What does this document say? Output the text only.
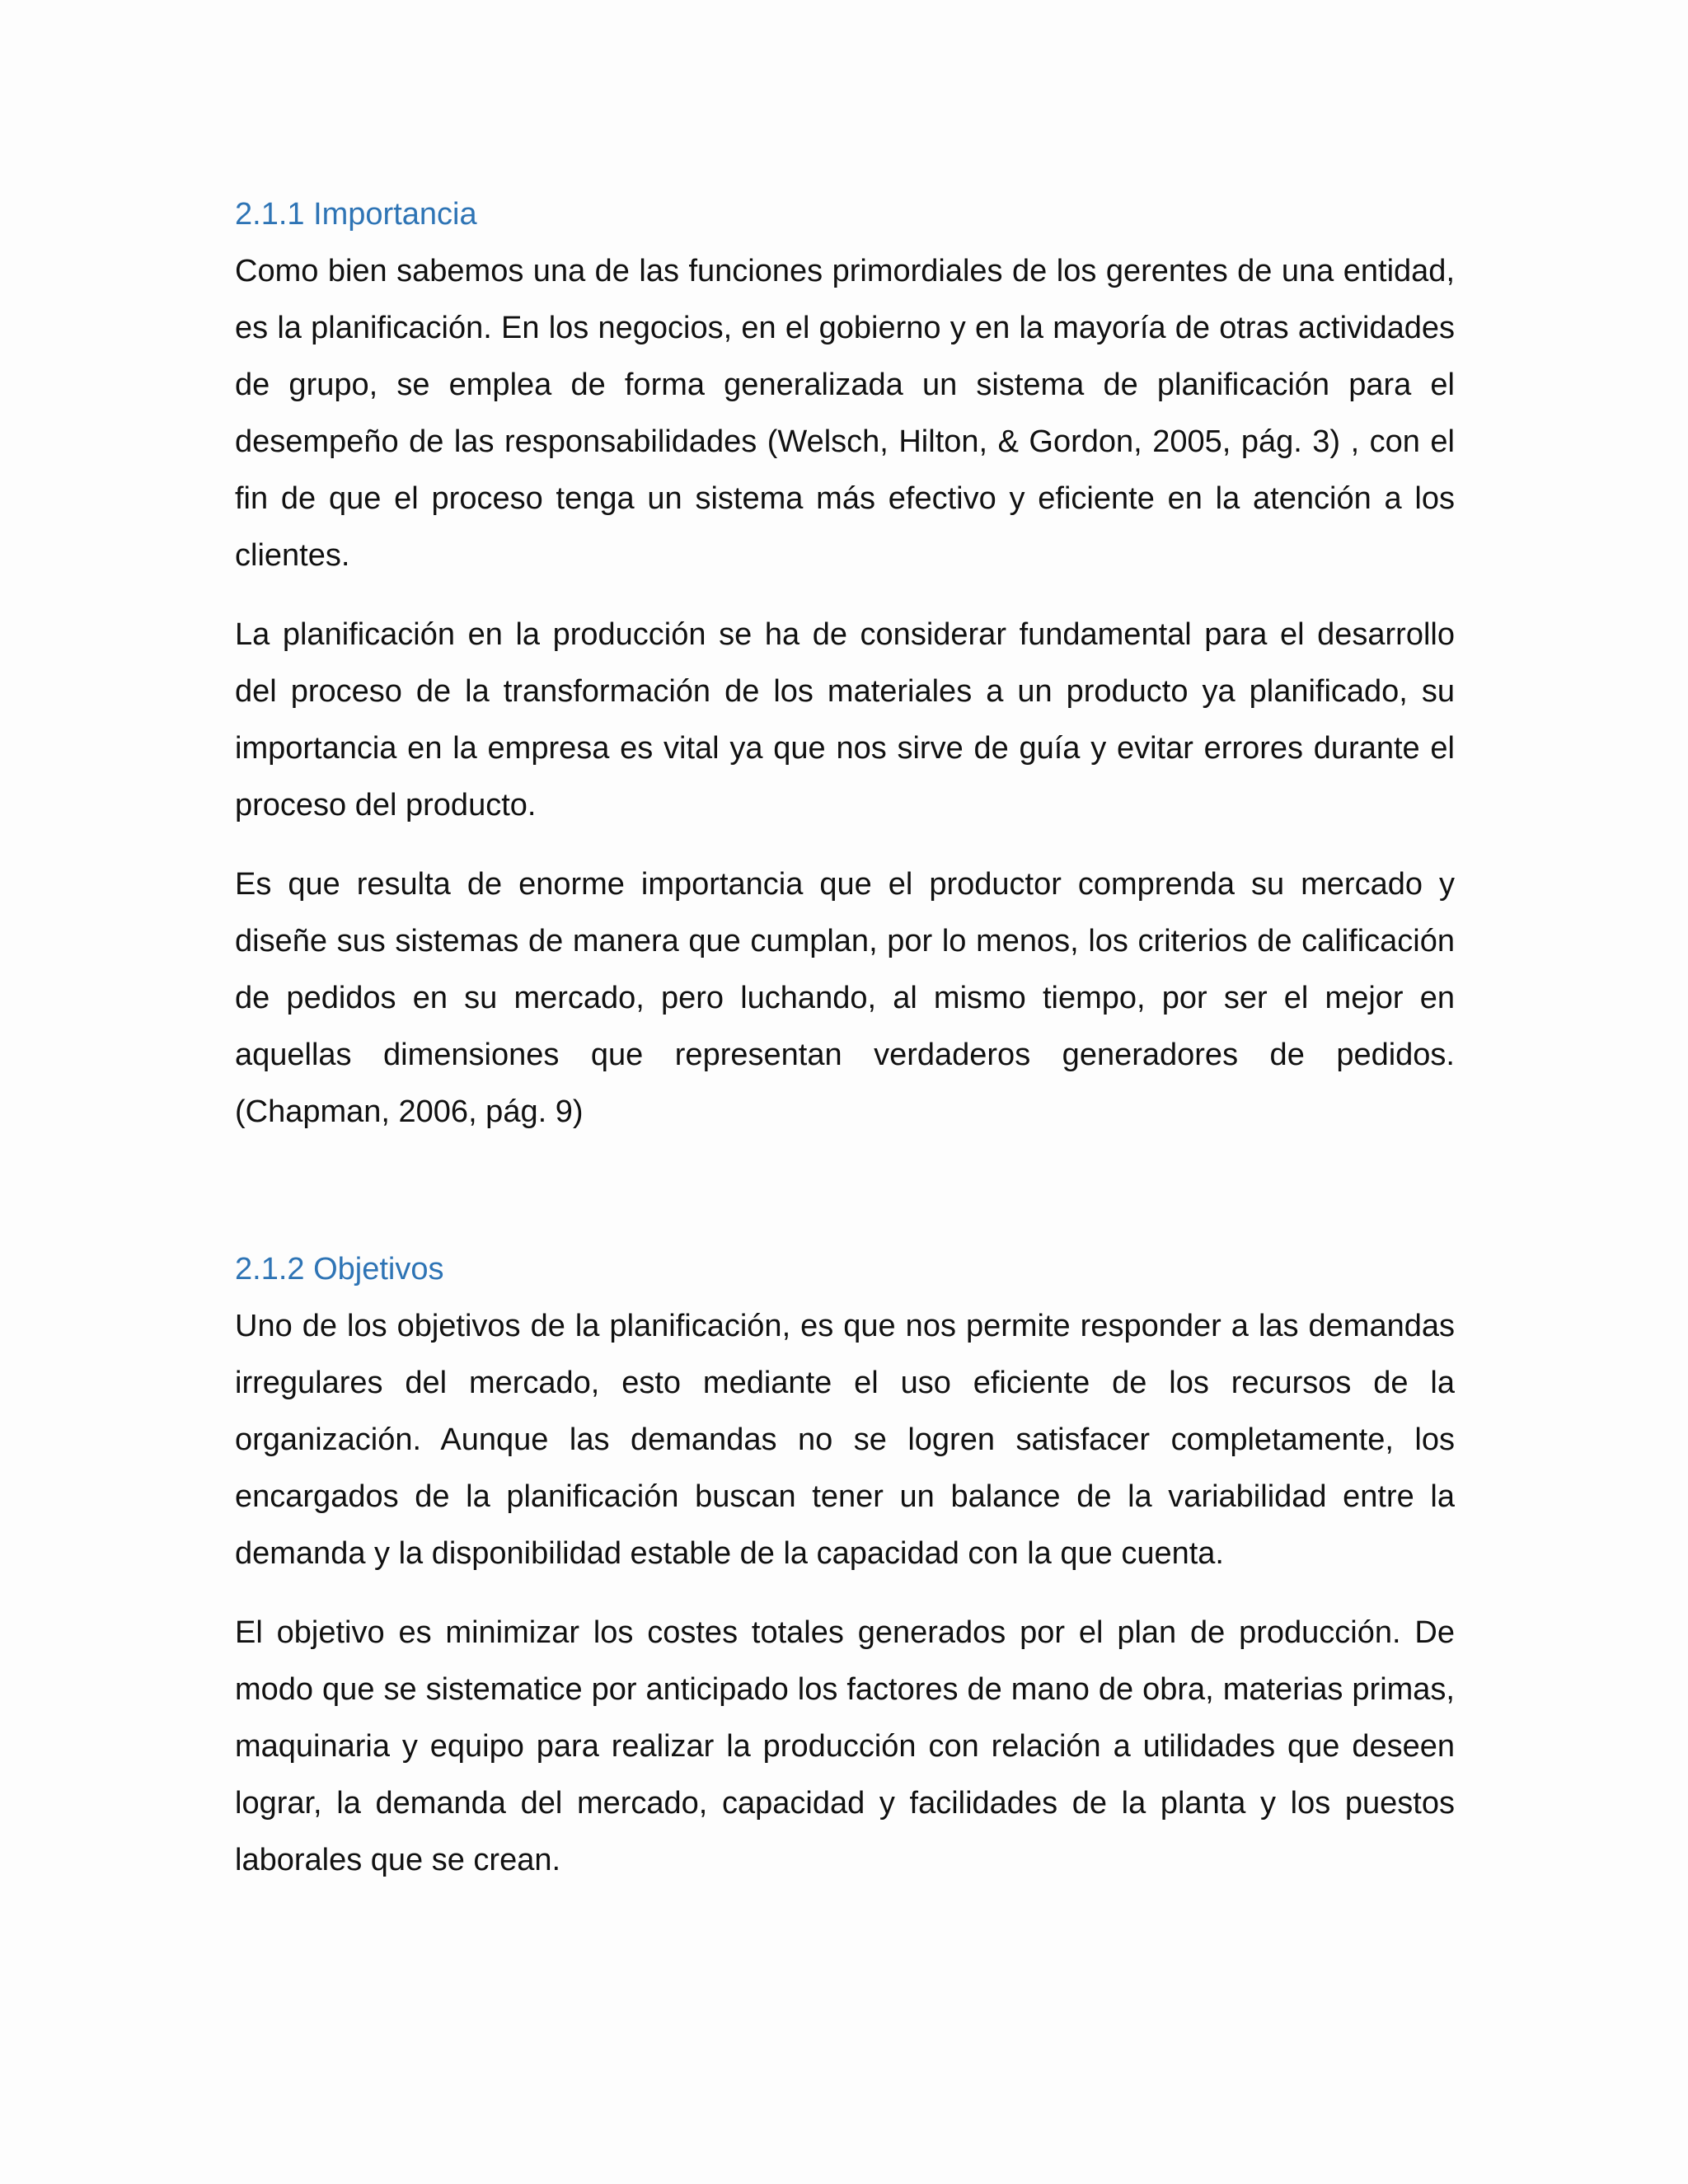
2.1.1 Importancia

Como bien sabemos una de las funciones primordiales de los gerentes de una entidad, es la planificación. En los negocios, en el gobierno y en la mayoría de otras actividades de grupo, se emplea de forma generalizada un sistema de planificación para el desempeño de las responsabilidades (Welsch, Hilton, & Gordon, 2005, pág. 3) , con el fin de que el proceso tenga un sistema más efectivo y eficiente en la atención a los clientes.

La planificación en la producción se ha de considerar fundamental para el desarrollo del proceso de la transformación de los materiales a un producto ya planificado, su importancia en la empresa es vital ya que nos sirve de guía y evitar errores durante el proceso del producto.

Es que resulta de enorme importancia que el productor comprenda su mercado y diseñe sus sistemas de manera que cumplan, por lo menos, los criterios de calificación de pedidos en su mercado, pero luchando, al mismo tiempo, por ser el mejor en aquellas dimensiones que representan verdaderos generadores de pedidos. (Chapman, 2006, pág. 9)

2.1.2 Objetivos

Uno de los objetivos de la planificación, es que nos permite responder a las demandas irregulares del mercado, esto mediante el uso eficiente de los recursos de la organización. Aunque las demandas no se logren satisfacer completamente, los encargados de la planificación buscan tener un balance de la variabilidad entre la demanda y la disponibilidad estable de la capacidad con la que cuenta.

El objetivo es minimizar los costes totales generados por el plan de producción. De modo que se sistematice por anticipado los factores de mano de obra, materias primas, maquinaria y equipo para realizar la producción con relación a utilidades que deseen lograr, la demanda del mercado, capacidad y facilidades de la planta y los puestos laborales que se crean.
